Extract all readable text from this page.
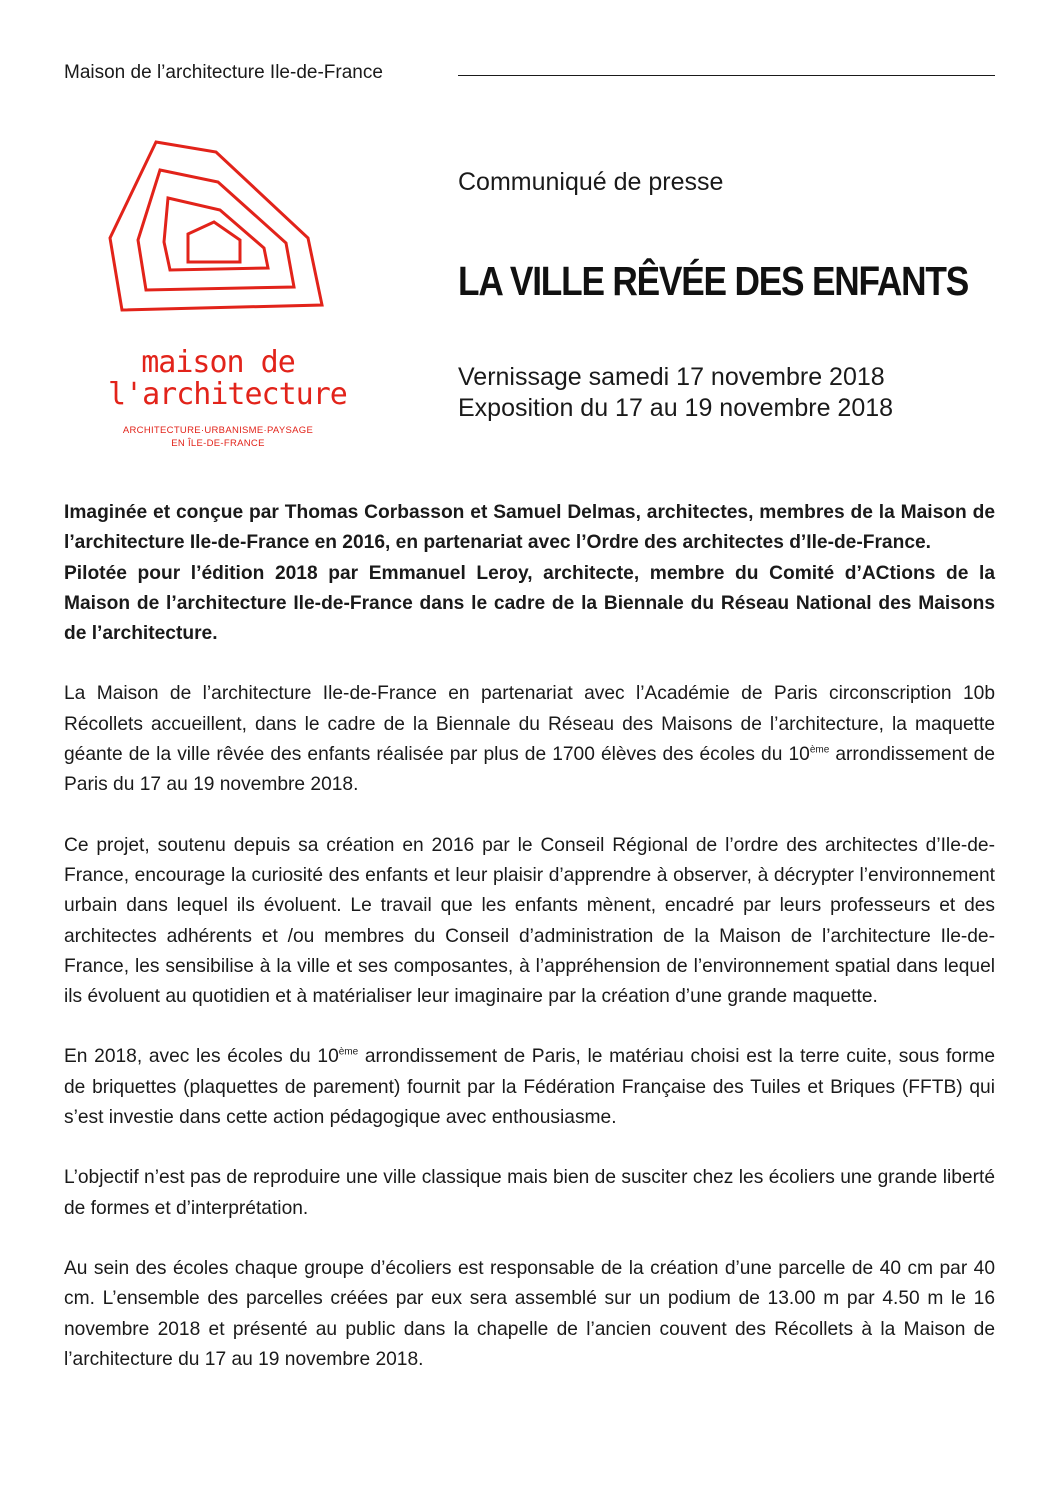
Maison de l’architecture Ile-de-France
maison de
l'architecture
ARCHITECTURE·URBANISME·PAYSAGE
EN ÎLE-DE-FRANCE
Communiqué de presse
LA VILLE RÊVÉE DES ENFANTS
Vernissage samedi 17 novembre 2018
Exposition du 17 au 19 novembre 2018

Imaginée et conçue par Thomas Corbasson et Samuel Delmas, architectes, membres de la Maison de l’architecture Ile-de-France en 2016, en partenariat avec l’Ordre des architectes d’Ile-de-France.
Pilotée pour l’édition 2018 par Emmanuel Leroy, architecte, membre du Comité d’ACtions de la Maison de l’architecture Ile-de-France dans le cadre de la Biennale du Réseau National des Maisons de l’architecture.

La Maison de l’architecture Ile-de-France en partenariat avec l’Académie de Paris circonscription 10b Récollets accueillent, dans le cadre de la Biennale du Réseau des Maisons de l’architecture, la maquette géante de la ville rêvée des enfants réalisée par plus de 1700 élèves des écoles du 10ème arrondissement de Paris du 17 au 19 novembre 2018.

Ce projet, soutenu depuis sa création en 2016 par le Conseil Régional de l’ordre des architectes d’Ile-de-France, encourage la curiosité des enfants et leur plaisir d’apprendre à observer, à décrypter l’environnement urbain dans lequel ils évoluent. Le travail que les enfants mènent, encadré par leurs professeurs et des architectes adhérents et /ou membres du Conseil d’administration de la Maison de l’architecture Ile-de-France, les sensibilise à la ville et ses composantes, à l’appréhension de l’environnement spatial dans lequel ils évoluent au quotidien et à matérialiser leur imaginaire par la création d’une grande maquette.

En 2018, avec les écoles du 10ème arrondissement de Paris, le matériau choisi est la terre cuite, sous forme de briquettes (plaquettes de parement) fournit par la Fédération Française des Tuiles et Briques (FFTB) qui s’est investie dans cette action pédagogique avec enthousiasme.

L’objectif n’est pas de reproduire une ville classique mais bien de susciter chez les écoliers une grande liberté de formes et d’interprétation.

Au sein des écoles chaque groupe d’écoliers est responsable de la création d’une parcelle de 40 cm par 40 cm. L’ensemble des parcelles créées par eux sera assemblé sur un podium de 13.00 m par 4.50 m le 16 novembre 2018 et présenté au public dans la chapelle de l’ancien couvent des Récollets à la Maison de l’architecture du 17 au 19 novembre 2018.
